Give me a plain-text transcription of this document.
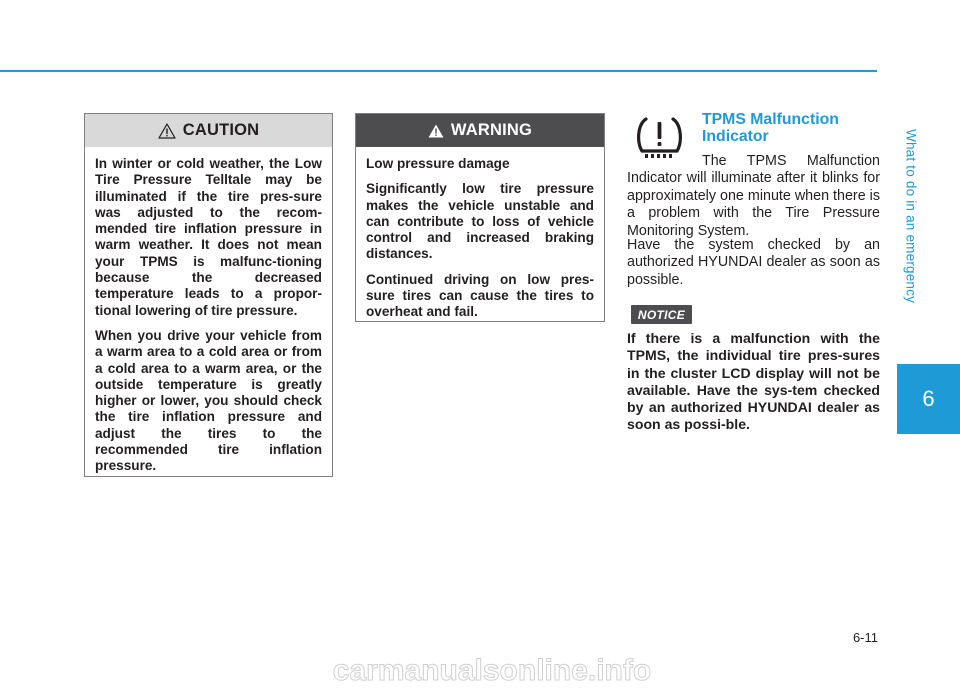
What to do in an emergency
6
CAUTION

In winter or cold weather, the Low Tire Pressure Telltale may be illuminated if the tire pres-sure was adjusted to the recom-mended tire inflation pressure in warm weather. It does not mean your TPMS is malfunc-tioning because the decreased temperature leads to a propor-tional lowering of tire pressure.

When you drive your vehicle from a warm area to a cold area or from a cold area to a warm area, or the outside temperature is greatly higher or lower, you should check the tire inflation pressure and adjust the tires to the recommended tire inflation pressure.

WARNING

Low pressure damage

Significantly low tire pressure makes the vehicle unstable and can contribute to loss of vehicle control and increased braking distances.

Continued driving on low pres-sure tires can cause the tires to overheat and fail.

TPMS Malfunction Indicator
The TPMS Malfunction Indicator will illuminate after it blinks for approximately one minute when there is a problem with the Tire Pressure Monitoring System.
Have the system checked by an authorized HYUNDAI dealer as soon as possible.
NOTICE
If there is a malfunction with the TPMS, the individual tire pres-sures in the cluster LCD display will not be available. Have the sys-tem checked by an authorized HYUNDAI dealer as soon as possi-ble.
6-11
carmanualsonline.info
